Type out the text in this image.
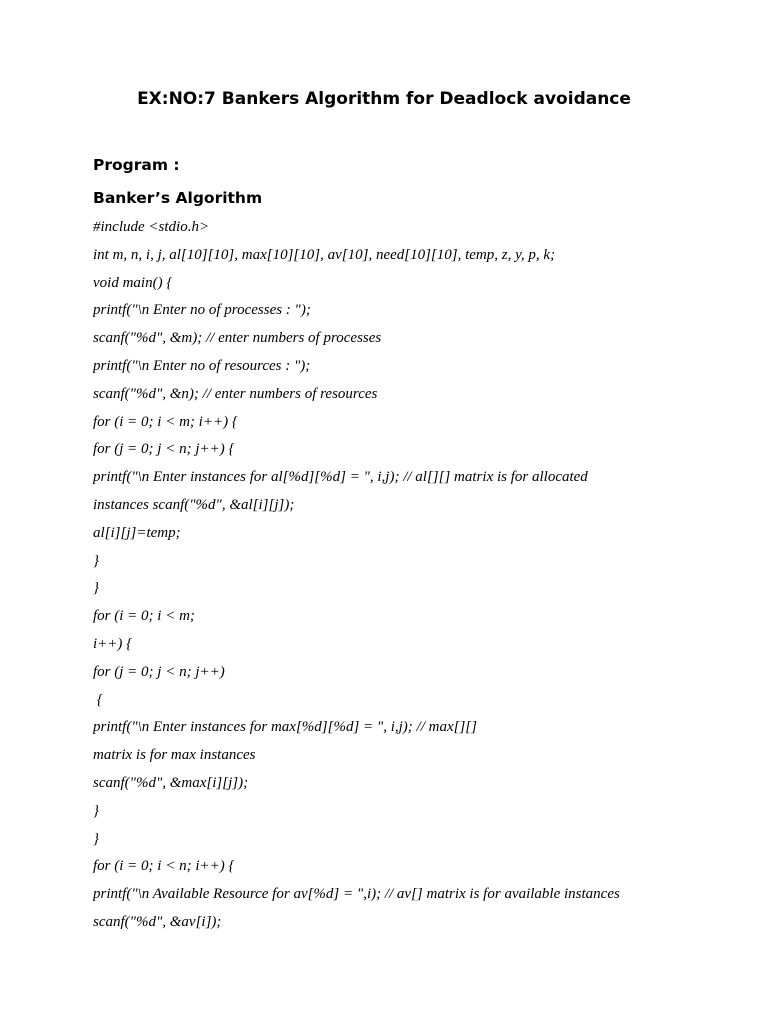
EX:NO:7 Bankers Algorithm for Deadlock avoidance
Program :
Banker’s Algorithm
#include <stdio.h>
int m, n, i, j, al[10][10], max[10][10], av[10], need[10][10], temp, z, y, p, k;
void main() {
printf("\n Enter no of processes : ");
scanf("%d", &m); // enter numbers of processes
printf("\n Enter no of resources : ");
scanf("%d", &n); // enter numbers of resources
for (i = 0; i < m; i++) {
for (j = 0; j < n; j++) {
printf("\n Enter instances for al[%d][%d] = ", i,j); // al[][] matrix is for allocated
instances scanf("%d", &al[i][j]);
al[i][j]=temp;
}
}
for (i = 0; i < m;
i++) {
for (j = 0; j < n; j++)
{
printf("\n Enter instances for max[%d][%d] = ", i,j); // max[][]
matrix is for max instances
scanf("%d", &max[i][j]);
}
}
for (i = 0; i < n; i++) {
printf("\n Available Resource for av[%d] = ",i); // av[] matrix is for available instances
scanf("%d", &av[i]);
